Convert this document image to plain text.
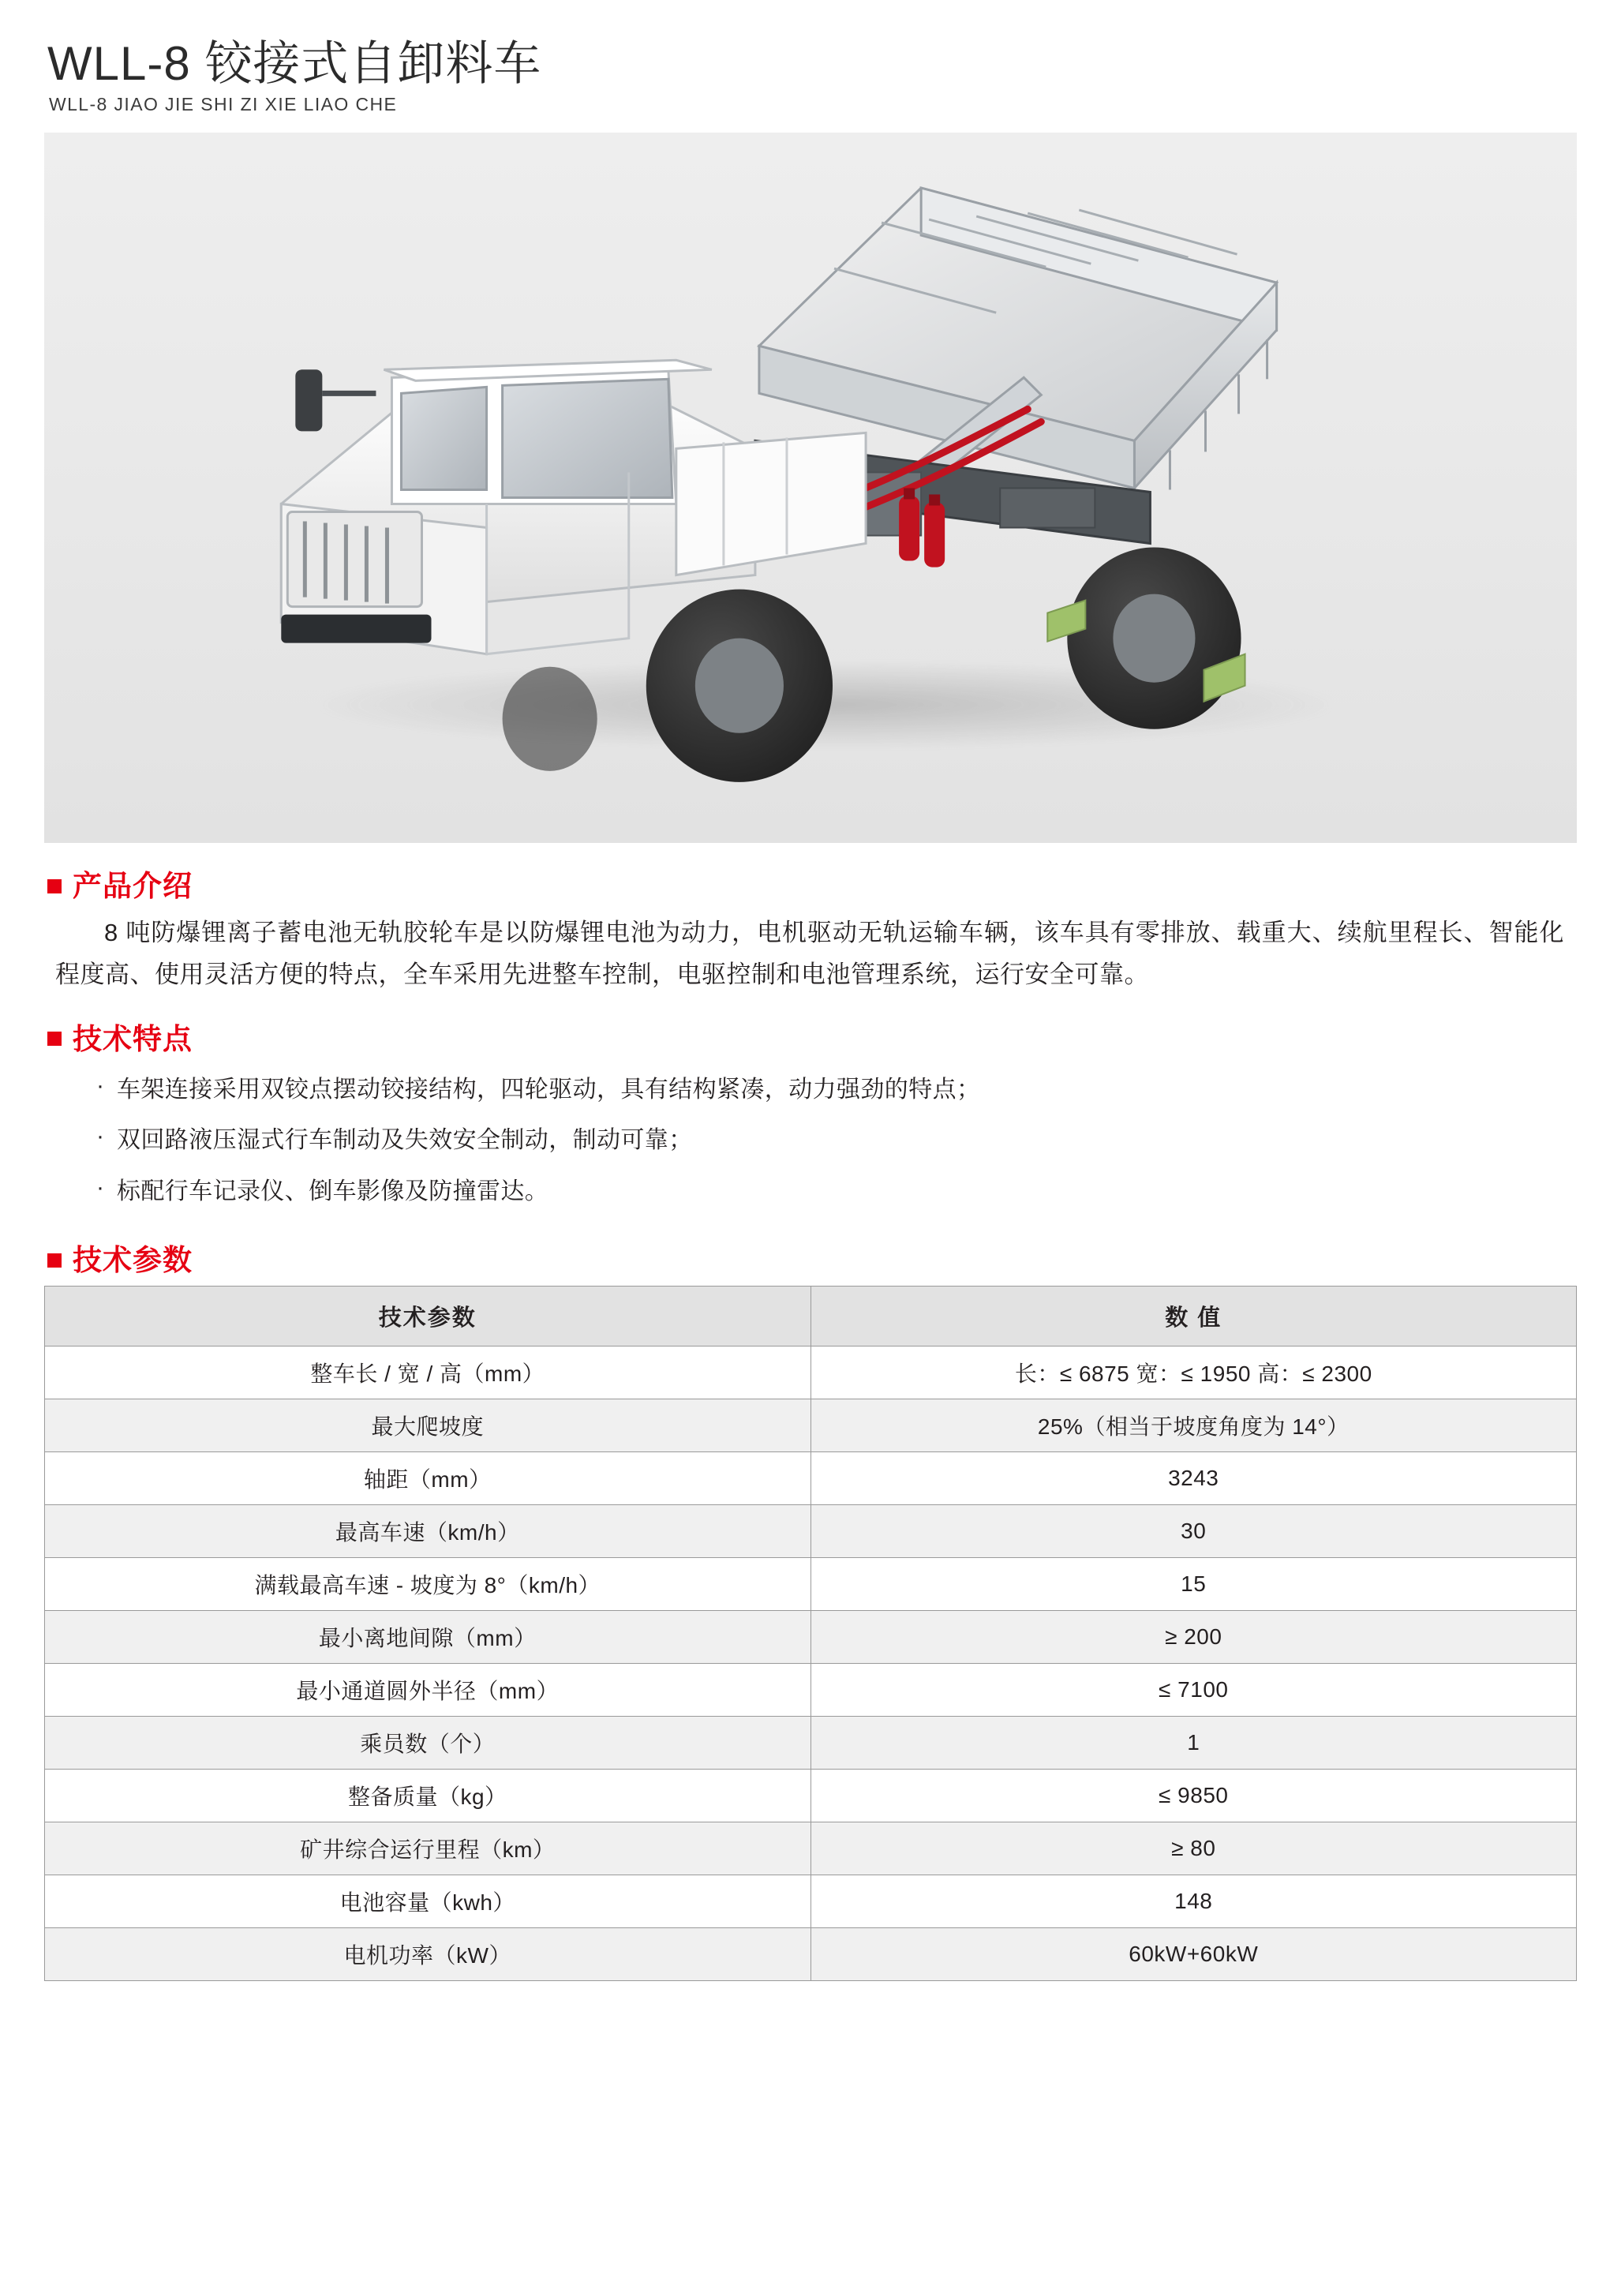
WLL-8 铰接式自卸料车
WLL-8 JIAO JIE SHI ZI XIE LIAO CHE
产品介绍

8 吨防爆锂离子蓄电池无轨胶轮车是以防爆锂电池为动力，电机驱动无轨运输车辆，该车具有零排放、载重大、续航里程长、智能化程度高、使用灵活方便的特点，全车采用先进整车控制，电驱控制和电池管理系统，运行安全可靠。

技术特点
· 车架连接采用双铰点摆动铰接结构，四轮驱动，具有结构紧凑，动力强劲的特点；
· 双回路液压湿式行车制动及失效安全制动，制动可靠；
· 标配行车记录仪、倒车影像及防撞雷达。
技术参数
技术参数	数 值
整车长 / 宽 / 高（mm）	长：≤ 6875 宽：≤ 1950 高：≤ 2300
最大爬坡度	25%（相当于坡度角度为 14°）
轴距（mm）	3243
最高车速（km/h）	30
满载最高车速 - 坡度为 8°（km/h）	15
最小离地间隙（mm）	≥ 200
最小通道圆外半径（mm）	≤ 7100
乘员数（个）	1
整备质量（kg）	≤ 9850
矿井综合运行里程（km）	≥ 80
电池容量（kwh）	148
电机功率（kW）	60kW+60kW
